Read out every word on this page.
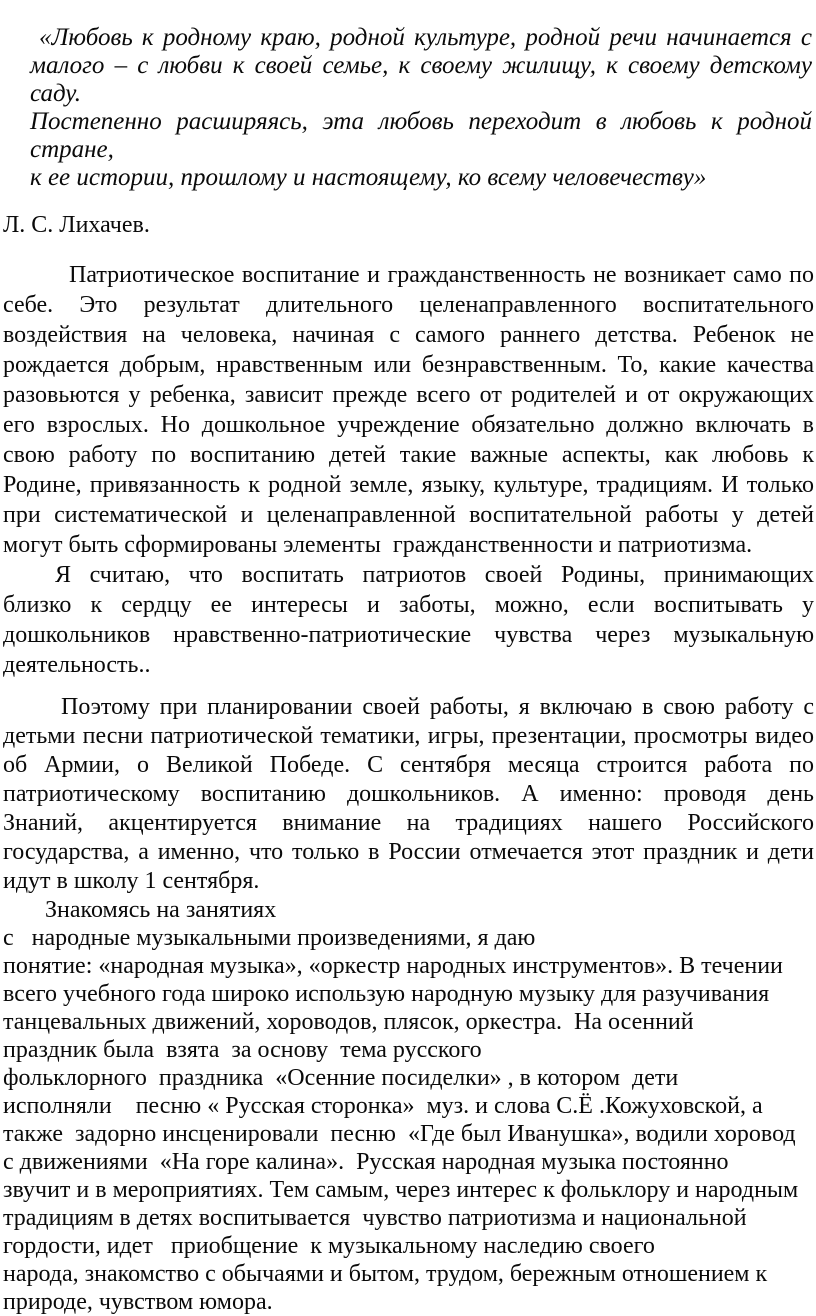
«Любовь к родному краю, родной культуре, родной речи начинается с
малого – с любви к своей семье, к своему жилищу, к своему детскому саду.
Постепенно расширяясь, эта любовь переходит в любовь к родной стране,
к ее истории, прошлому и настоящему, ко всему человечеству»
Л. С. Лихачев.
Патриотическое воспитание и гражданственность не возникает само по
себе. Это результат длительного целенаправленного воспитательного
воздействия на человека, начиная с самого раннего детства. Ребенок не
рождается добрым, нравственным или безнравственным. То, какие качества
разовьются у ребенка, зависит прежде всего от родителей и от окружающих
его взрослых. Но дошкольное учреждение обязательно должно включать в
свою работу по воспитанию детей такие важные аспекты, как любовь к
Родине, привязанность к родной земле, языку, культуре, традициям. И только
при систематической и целенаправленной воспитательной работы у детей
могут быть сформированы элементы  гражданственности и патриотизма.
Я считаю, что воспитать патриотов своей Родины, принимающих
близко к сердцу ее интересы и заботы, можно, если воспитывать у
дошкольников нравственно-патриотические чувства через музыкальную
деятельность..
Поэтому при планировании своей работы, я включаю в свою работу с
детьми песни патриотической тематики, игры, презентации, просмотры видео
об Армии, о Великой Победе. С сентября месяца строится работа по
патриотическому воспитанию дошкольников. А именно: проводя день
Знаний, акцентируется внимание на традициях нашего Российского
государства, а именно, что только в России отмечается этот праздник и дети
идут в школу 1 сентября.
Знакомясь на занятиях
с   народные музыкальными произведениями, я даю
понятие: «народная музыка», «оркестр народных инструментов». В течении
всего учебного года широко использую народную музыку для разучивания
танцевальных движений, хороводов, плясок, оркестра.  На осенний
праздник была  взята  за основу  тема русского
фольклорного  праздника  «Осенние посиделки» , в котором  дети
исполняли    песню « Русская сторонка»  муз. и слова С.Ё .Кожуховской, а
также  задорно инсценировали  песню  «Где был Иванушка», водили хоровод
с движениями  «На горе калина».  Русская народная музыка постоянно
звучит и в мероприятиях. Тем самым, через интерес к фольклору и народным
традициям в детях воспитывается  чувство патриотизма и национальной
гордости, идет   приобщение  к музыкальному наследию своего
народа, знакомство с обычаями и бытом, трудом, бережным отношением к
природе, чувством юмора.
